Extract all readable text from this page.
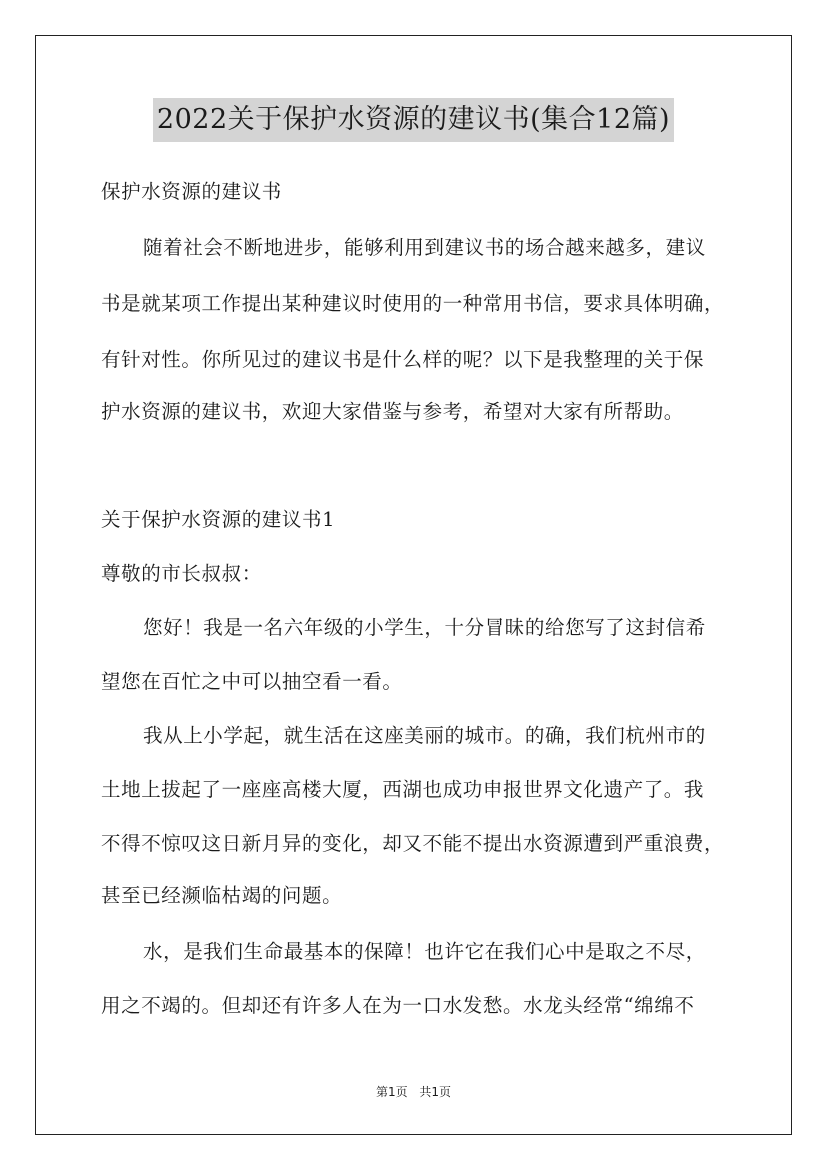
2022关于保护水资源的建议书(集合12篇)
保护水资源的建议书
随着社会不断地进步，能够利用到建议书的场合越来越多，建议
书是就某项工作提出某种建议时使用的一种常用书信，要求具体明确，
有针对性。你所见过的建议书是什么样的呢？以下是我整理的关于保
护水资源的建议书，欢迎大家借鉴与参考，希望对大家有所帮助。
关于保护水资源的建议书1
尊敬的市长叔叔：
您好！我是一名六年级的小学生，十分冒昧的给您写了这封信希
望您在百忙之中可以抽空看一看。
我从上小学起，就生活在这座美丽的城市。的确，我们杭州市的
土地上拔起了一座座高楼大厦，西湖也成功申报世界文化遗产了。我
不得不惊叹这日新月异的变化，却又不能不提出水资源遭到严重浪费，
甚至已经濒临枯竭的问题。
水，是我们生命最基本的保障！也许它在我们心中是取之不尽，
用之不竭的。但却还有许多人在为一口水发愁。水龙头经常“绵绵不
第1页 共1页
